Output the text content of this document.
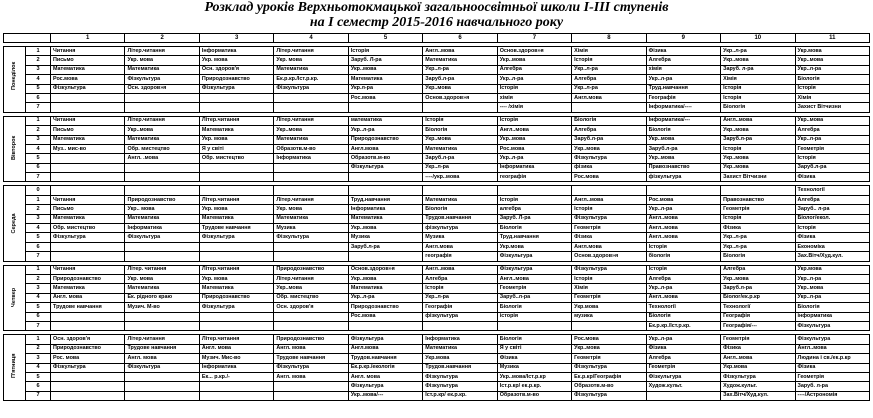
Розклад уроків Верхньотокмацької загальноосвітньої школи І-ІІІ ступенів
на І семестр 2015-2016 навчального року
		1	2	3	4	5	6	7	8	9	10	11

Понеділок	1	Читання	Літер.читання	Інформатика	Літер.читання	Історія	Англ..мова	Основ.здоров»я	Хімія	Фізика	Укр..л-ра	Укр.мова
	2	Письмо	Укр. мова	Укр. мова	Укр. мова	Заруб. Л-ра	Математика	Укр..мова	Історія	Алгебра	Укр..мова	Укр..мова
	3	Математика	Математика	Осн. здоров'я	Математика	Укр..мова	Укр..л-ра	Алгебра	Укр..л-ра	хімія	Заруб. л-ра	Укр..л-ра
	4	Рос.мова	Фізкультура	Природознавство	Ек.р.кр./Іст.р.кр.	Математика	Заруб.л-ра	Укр..л-ра	Алгебра	Укр..л-ра	Хімія	Біологія
	5	Фізкультура	Осн. здоров»я	Фізкультура	Фізкультура	Укр.л-ра	Укр..мова	Історія	Укр..л-ра	Труд.навчання	Історія	Історія
	6					Рос.мова	Основ.здоров»я	хімія	Англ.мова	Географія	Історія	Хімія
	7							---- /хімія		Інформатика/----	Біологія	Захист Вітчизни

Вівторок	1	Читання	Літер.читання	Літер.читання	Літер.читання	математика	Історія	Історія	Біологія	Інформатика/---	Англ..мова	Укр..мова
	2	Письмо	Укр..мова	Математика	Укр..мова	Укр..л-ра	Біологія	Англ..мова	Алгебра	Біологія	Укр..мова	Алгебра
	3	Математика	Математика	Укр. мова	Математика	Природознавство	Укр..мова	Укр..мова	Заруб.л-ра	Укр..мова	Заруб.л-ра	Укр..л-ра
	4	Муз.. мис-во	Обр. мистецтво	Я у світі	Образотв.м-во	Англ.мова	Математика	Рос.мова	Укр..мова	Заруб.л-ра	Історія	Геометрія
	5		Англ. .мова	Обр. мистецтво	Інформатика	Образотв.м-во	Заруб.л-ра	Укр..л-ра	Фізкультура	Укр..мова	Укр..мова	Історія
	6					Фізкультура	Укр..л-ра	Інформатика	фізика	Правознавство	Укр..мова	Заруб.л-ра
	7						----/укр..мова	географія	Рос.мова	фізкультура	Захист Вітчизни	Фізика

Середа	0											Технології
	1	Читання	Природознавство	Літер.читання	Літер.читання	Труд.навчання	Математика	Історія	Англ..мова	Рос.мова	Правознавство	Алгебра
	2	Письмо	Укр.. мова	Укр. мова	Укр. мова	Інформатика	Біологія	алгебра	Історія	Укр..л-ра	Геометрія	Заруб.. л-ра
	3	Математика	Математика	Математика	Математика	Математика	Трудов.навчання	Заруб. Л-ра	Фізкультура	Англ..мова	Історія	Біолог/екол.
	4	Обр. мистецтво	Інформатика	Трудове навчання	Музика	Укр..мова	фізкультура	Біологія	Геометрія	Англ..мова	Фізика	Історія
	5	Фізкультура	Фізкультура	Фізкультура	Фізкультура	Музика	Музика	Труд.навчання	Фізика	Англ..мова	Укр..л-ра	Фізика
	6					Заруб.л-ра	Англ.мова	Укр.мова	Англ.мова	Історія	Укр..л-ра	Економіка
	7						географія	Фізкультура	Основ.здоров»я	біологія	Біологія	Зах.Вітч/Худ.кул.

Четвер	1	Читання	Літер. читання	Літер.читання	Природознавство	Основ.здоров»я	Англ..мова	Фізкультура	Фізкультура	Історія	Алгебра	Укр.мова
	2	Природознавство	Укр. мова	Укр. мова	Літер.читання	Укр..мова	Алгебра	Англ..мова	Історія	Алгебра	Укр..мова	Укр..л-ра
	3	Математика	Математика	Математика	Укр..мова	Математика	Історія	Геометрія	Хімія	Укр..л-ра	Заруб.л-ра	Укр..мова
	4	Англ. мова	Ек. рідного краю	Природознавство	Обр. мистецтво	Укр..л-ра	Укр..л-ра	Заруб..л-ра	Геометрія	Англ..мова	Біолог/ек.р.кр	Укр..л-ра
	5	Трудове навчання	Музич. М-во	Фізкультура	Осн. здоров'я	Природознавство	Географія	Біологія	Укр.мова	Технології	Технології	Біологія
	6					Рос.мова	фізкультура	історія	музика	Біологія	Географія	інформатика
	7									Ек.р.кр./Іст.р.кр.	Географія/---	Фізкультура

П'ятниця	1	Осн. здоров'я	Літер.читання	Літер.читання	Природознавство	Фізкультура	Інформатика	Біологія	Рос.мова	Укр..л-ра	Геометрія	Фізкультура
	2	Природознавство	Трудове навчання	Англ. мова	Англ. мова	Англ.мова	Математика	Я у світі	Укр..мова	Фізика	Фізика	Англ..мова
	3	Рос. мова	Англ. мова	Музич. Мис-во	Трудове навчання	Трудов.навчання	Укр.мова	Фізика	Геометрія	Алгебра	Англ..мова	Людина і св./ек.р.кр
	4	Фізкультура	Фізкультура	Інформатика	Фізкультура	Ек.р.кр./екологія	Трудов.навчання	Музика	Фізкультура	Геометрія	Укр.мова	Фізика
	5			Ек... р.кр./-	Англ. мова	Англ. мова	Фізкультура	Укр..мова/Іст.р.кр	Ек.р.кр/Географія	Фізкультура	Фізкультура	Геометрія
	6					Фізкультура	Фізкультура	Іст.р.кр/ ек.р.кр.	Образотв.м-во	Худож.культ.	Худож.культ.	Заруб. л-ра
	7					Укр..мова/---	Іст.р.кр/ ек.р.кр.	Образотв.м-во	Фізкультура		Зах.Вітч/Худ.кул.	----/Астрономія
